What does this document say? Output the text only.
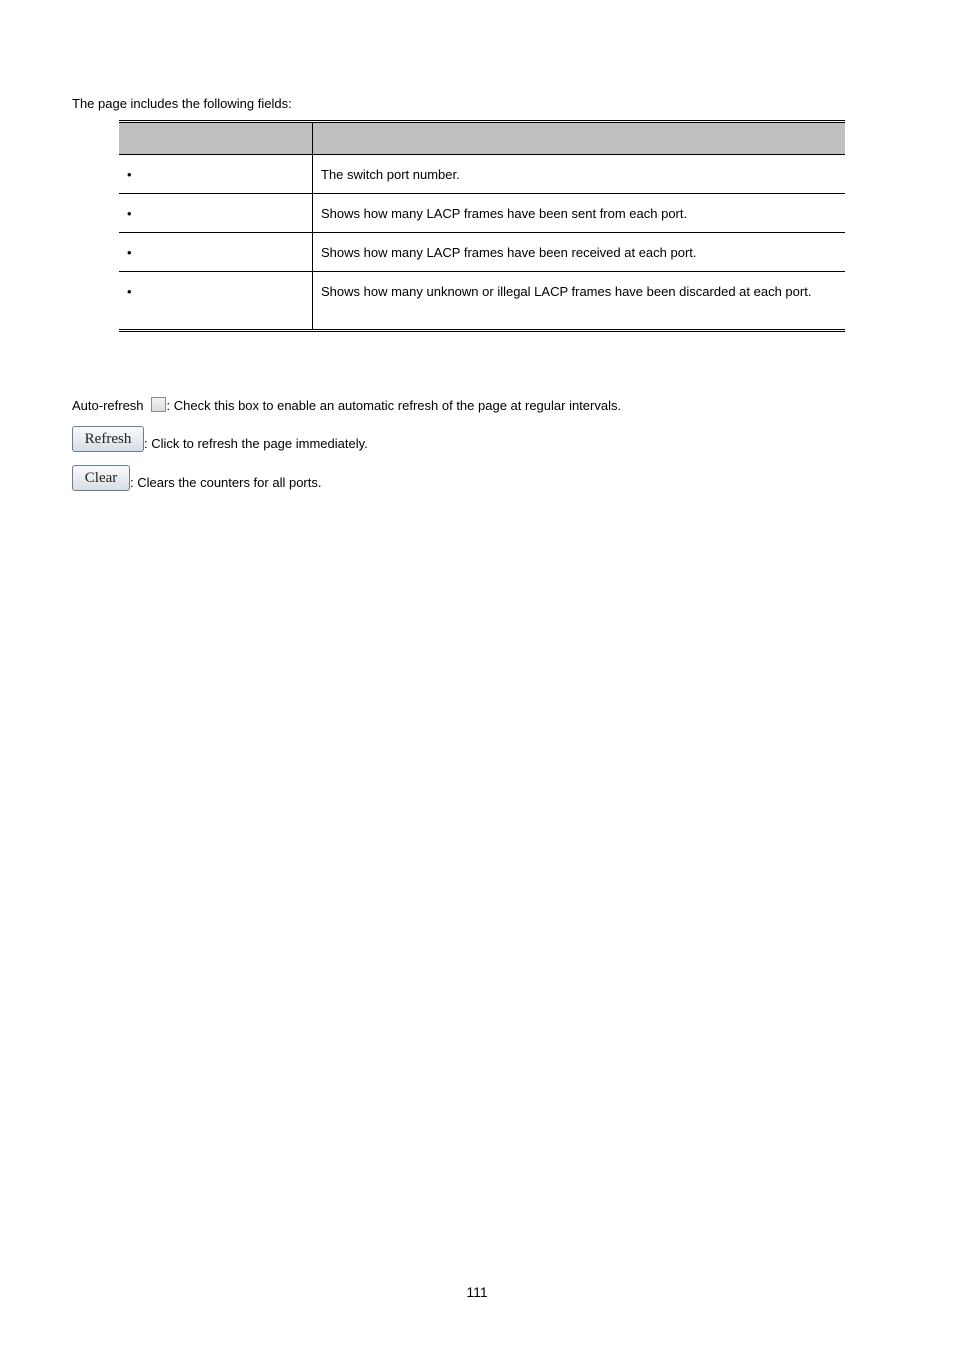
The page includes the following fields:

•	The switch port number.
•	Shows how many LACP frames have been sent from each port.
•	Shows how many LACP frames have been received at each port.
•	Shows how many unknown or illegal LACP frames have been discarded at each port.
Auto-refresh : Check this box to enable an automatic refresh of the page at regular intervals.
Refresh : Click to refresh the page immediately.
Clear : Clears the counters for all ports.
111
